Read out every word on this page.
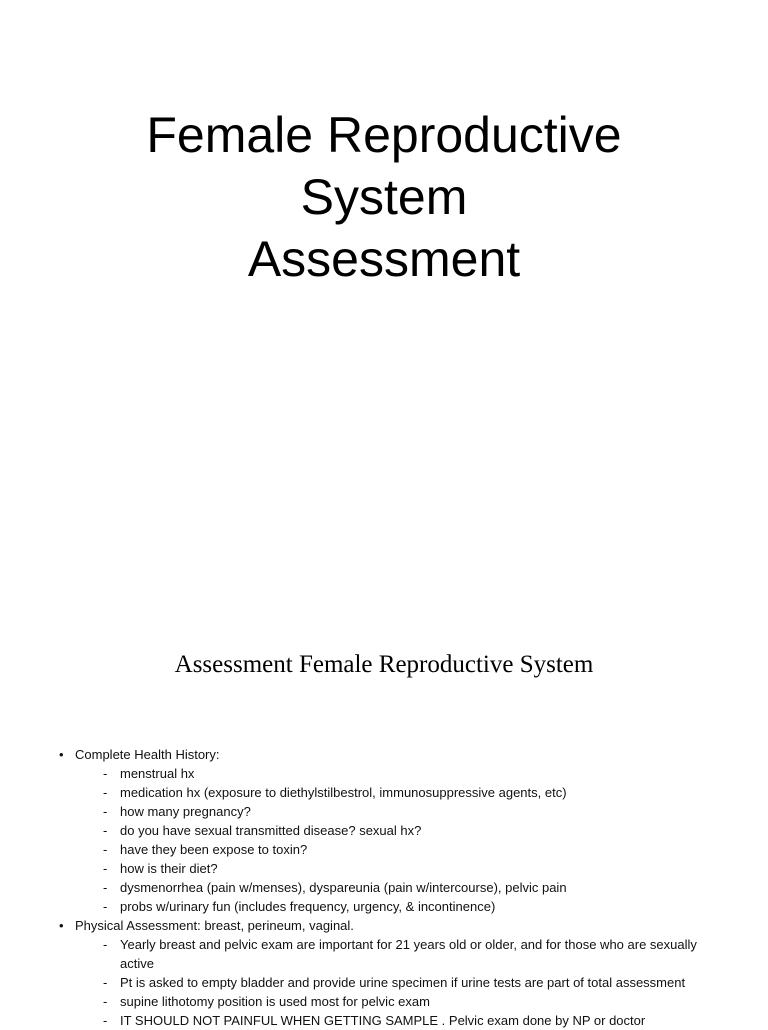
Female Reproductive
System
Assessment
Assessment Female Reproductive System
• Complete Health History:
- menstrual hx
- medication hx (exposure to diethylstilbestrol, immunosuppressive agents, etc)
- how many pregnancy?
- do you have sexual transmitted disease? sexual hx?
- have they been expose to toxin?
- how is their diet?
- dysmenorrhea (pain w/menses), dyspareunia (pain w/intercourse), pelvic pain
- probs w/urinary fun (includes frequency, urgency, & incontinence)
• Physical Assessment: breast, perineum, vaginal.
- Yearly breast and pelvic exam are important for 21 years old or older, and for those who are sexually active
- Pt is asked to empty bladder and provide urine specimen if urine tests are part of total assessment
- supine lithotomy position is used most for pelvic exam
- IT SHOULD NOT PAINFUL WHEN GETTING SAMPLE . Pelvic exam done by NP or doctor
